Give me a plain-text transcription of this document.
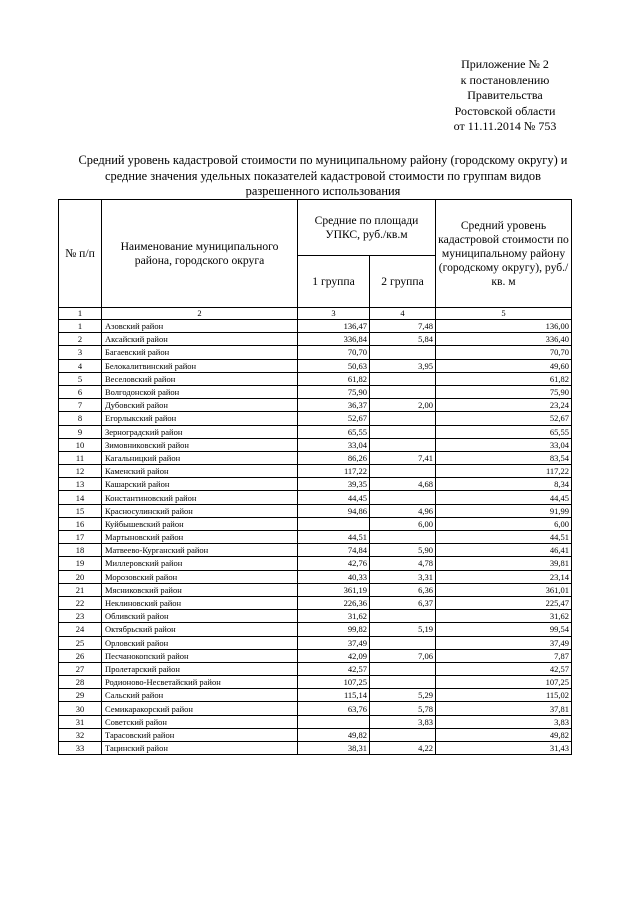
Приложение № 2
к постановлению
Правительства
Ростовской области
от 11.11.2014 № 753
Средний уровень кадастровой стоимости по муниципальному району (городскому округу) и
средние значения удельных показателей кадастровой стоимости по группам видов
разрешенного использования
№ п/п	Наименование муниципального района, городского округа	Средние по площади УПКС, руб./кв.м		Средний уровень кадастровой стоимости по муниципальному району (городскому округу), руб./кв. м
		1 группа	2 группа	
1	2	3	4	5
1	Азовский район	136,47	7,48	136,00
2	Аксайский район	336,84	5,84	336,40
3	Багаевский район	70,70		70,70
4	Белокалитвинский район	50,63	3,95	49,60
5	Веселовский район	61,82		61,82
6	Волгодонской район	75,90		75,90
7	Дубовский район	36,37	2,00	23,24
8	Егорлыкский район	52,67		52,67
9	Зерноградский район	65,55		65,55
10	Зимовниковский район	33,04		33,04
11	Кагальницкий район	86,26	7,41	83,54
12	Каменский район	117,22		117,22
13	Кашарский район	39,35	4,68	8,34
14	Константиновский район	44,45		44,45
15	Красносулинский район	94,86	4,96	91,99
16	Куйбышевский район		6,00	6,00
17	Мартыновский район	44,51		44,51
18	Матвеево-Курганский район	74,84	5,90	46,41
19	Миллеровский район	42,76	4,78	39,81
20	Морозовский район	40,33	3,31	23,14
21	Мясниковский район	361,19	6,36	361,01
22	Неклиновский район	226,36	6,37	225,47
23	Обливский район	31,62		31,62
24	Октябрьский район	99,82	5,19	99,54
25	Орловский район	37,49		37,49
26	Песчанокопский район	42,09	7,06	7,87
27	Пролетарский район	42,57		42,57
28	Родионово-Несветайский район	107,25		107,25
29	Сальский район	115,14	5,29	115,02
30	Семикаракорский район	63,76	5,78	37,81
31	Советский район		3,83	3,83
32	Тарасовский район	49,82		49,82
33	Тацинский район	38,31	4,22	31,43
